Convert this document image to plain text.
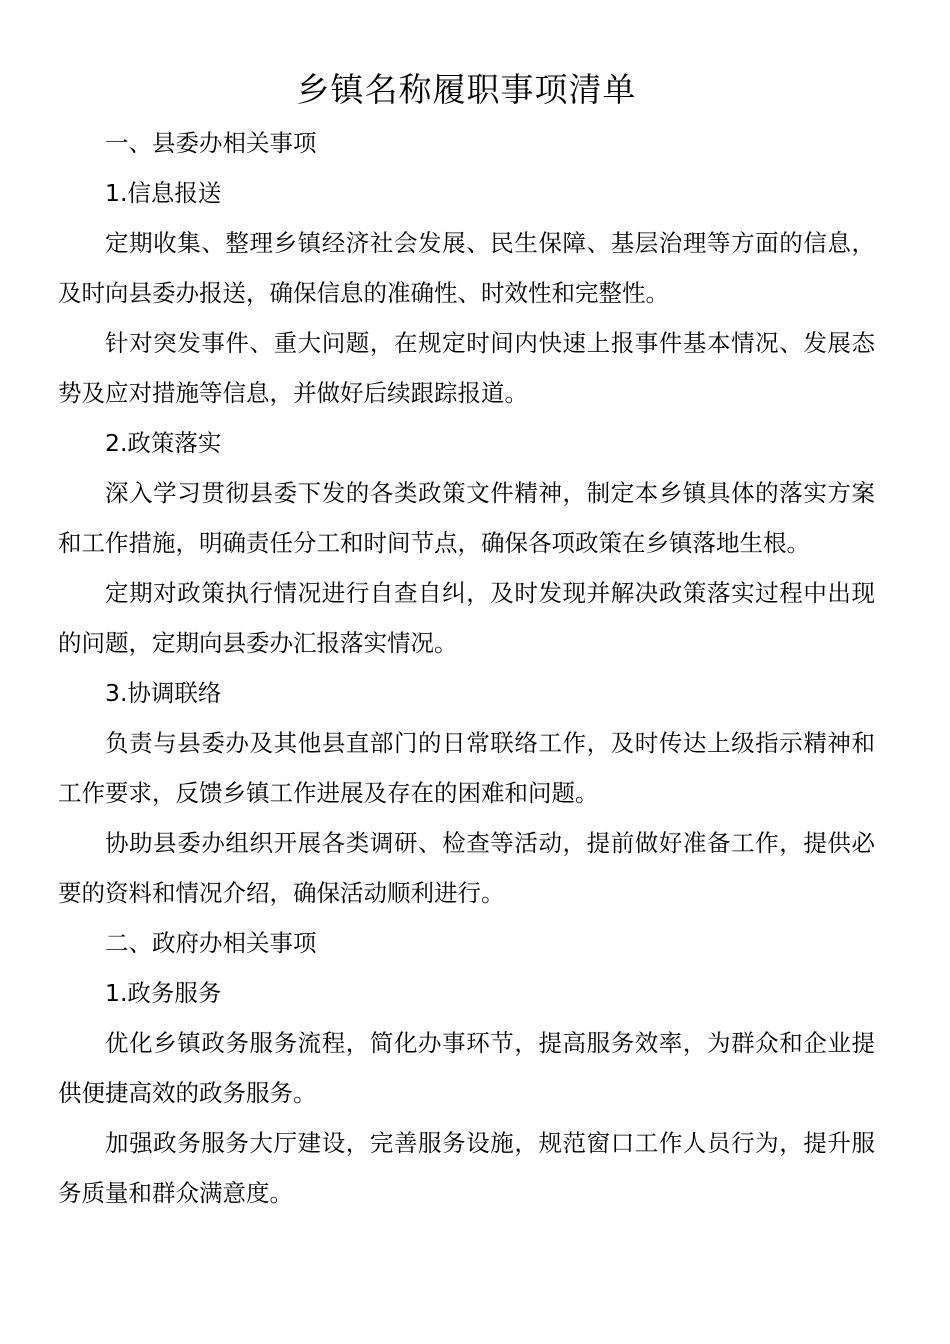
乡镇名称履职事项清单

一、县委办相关事项

1.信息报送

定期收集、整理乡镇经济社会发展、民生保障、基层治理等方面的信息，及时向县委办报送，确保信息的准确性、时效性和完整性。

针对突发事件、重大问题，在规定时间内快速上报事件基本情况、发展态势及应对措施等信息，并做好后续跟踪报道。

2.政策落实

深入学习贯彻县委下发的各类政策文件精神，制定本乡镇具体的落实方案和工作措施，明确责任分工和时间节点，确保各项政策在乡镇落地生根。

定期对政策执行情况进行自查自纠，及时发现并解决政策落实过程中出现的问题，定期向县委办汇报落实情况。

3.协调联络

负责与县委办及其他县直部门的日常联络工作，及时传达上级指示精神和工作要求，反馈乡镇工作进展及存在的困难和问题。

协助县委办组织开展各类调研、检查等活动，提前做好准备工作，提供必要的资料和情况介绍，确保活动顺利进行。

二、政府办相关事项

1.政务服务

优化乡镇政务服务流程，简化办事环节，提高服务效率，为群众和企业提供便捷高效的政务服务。

加强政务服务大厅建设，完善服务设施，规范窗口工作人员行为，提升服务质量和群众满意度。
